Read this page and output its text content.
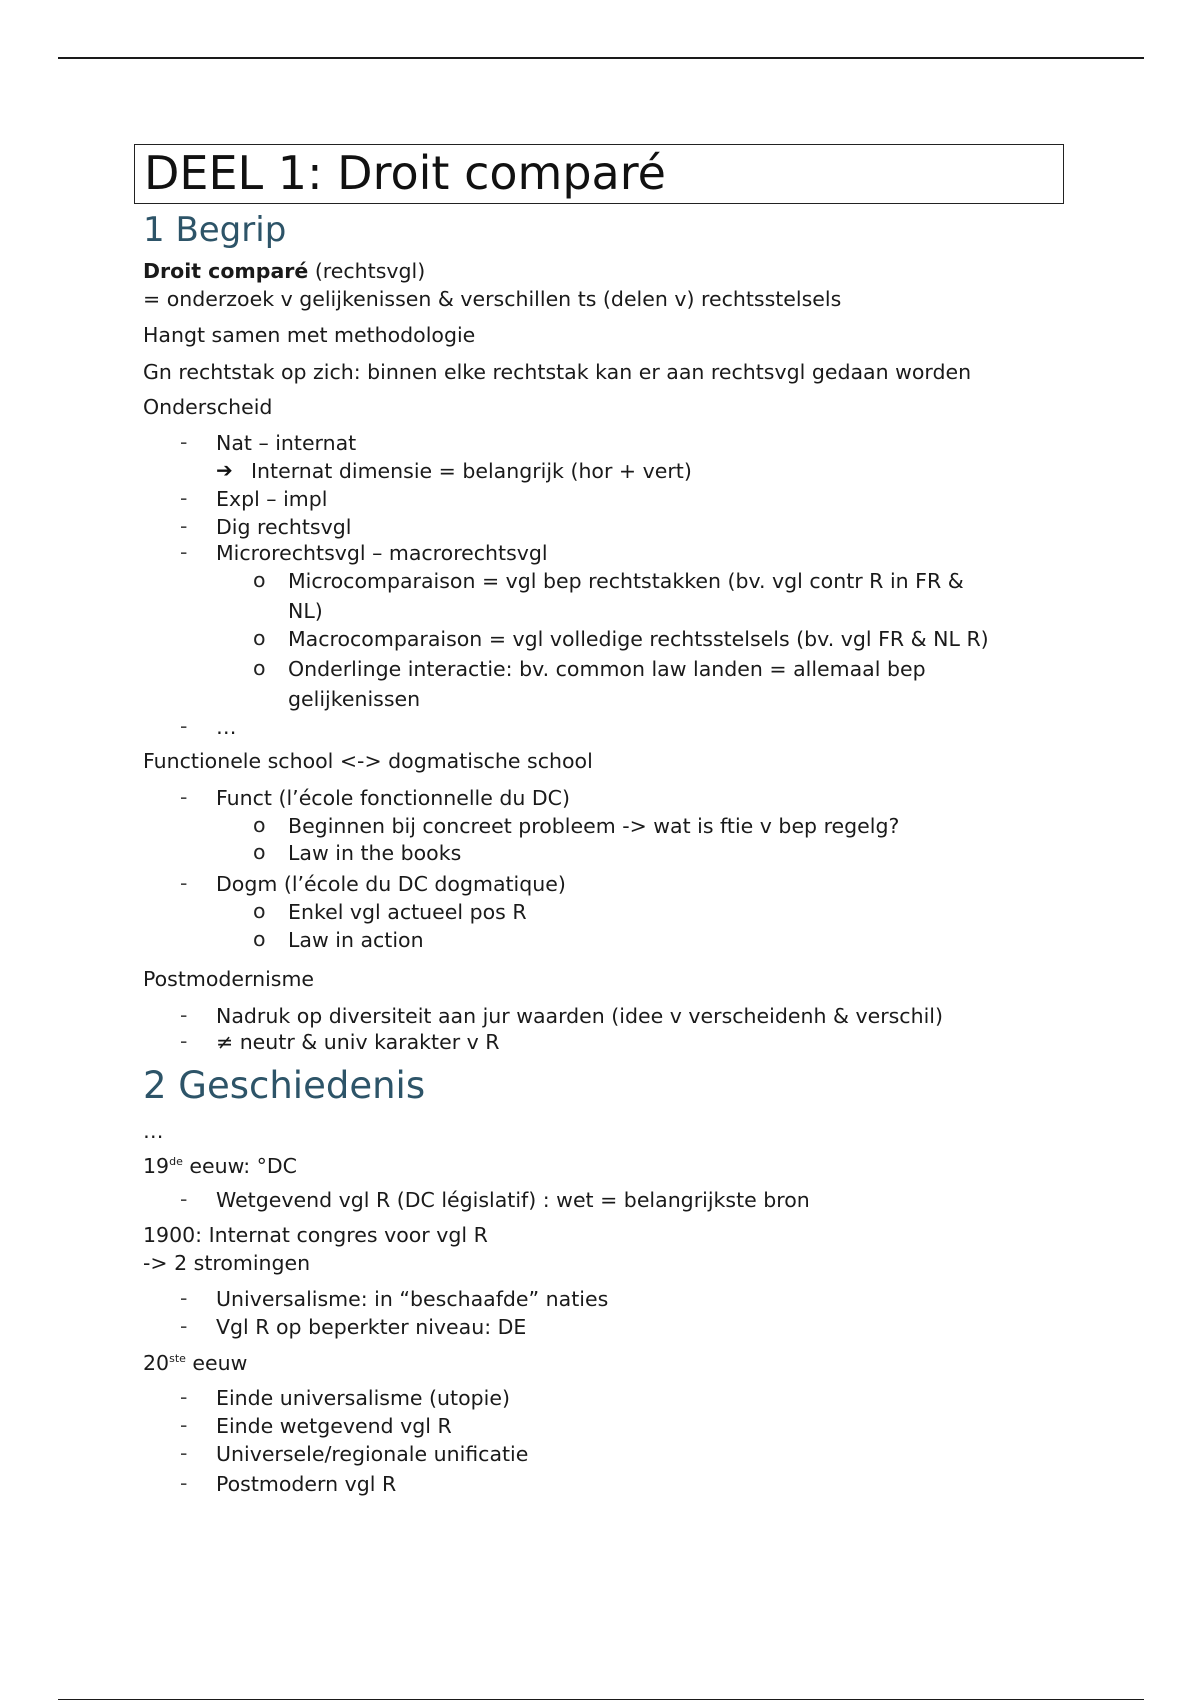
DEEL 1: Droit comparé
1 Begrip
Droit comparé (rechtsvgl)
= onderzoek v gelijkenissen & verschillen ts (delen v) rechtsstelsels
Hangt samen met methodologie
Gn rechtstak op zich: binnen elke rechtstak kan er aan rechtsvgl gedaan worden
Onderscheid
- Nat – internat
➔ Internat dimensie = belangrijk (hor + vert)
- Expl – impl
- Dig rechtsvgl
- Microrechtsvgl – macrorechtsvgl
o Microcomparaison = vgl bep rechtstakken (bv. vgl contr R in FR &
NL)
o Macrocomparaison = vgl volledige rechtsstelsels (bv. vgl FR & NL R)
o Onderlinge interactie: bv. common law landen = allemaal bep
gelijkenissen
- …
Functionele school <-> dogmatische school
- Funct (l’école fonctionnelle du DC)
o Beginnen bij concreet probleem -> wat is ftie v bep regelg?
o Law in the books
- Dogm (l’école du DC dogmatique)
o Enkel vgl actueel pos R
o Law in action
Postmodernisme
- Nadruk op diversiteit aan jur waarden (idee v verscheidenh & verschil)
- ≠ neutr & univ karakter v R
2 Geschiedenis
…
19de eeuw: °DC
- Wetgevend vgl R (DC législatif) : wet = belangrijkste bron
1900: Internat congres voor vgl R
-> 2 stromingen
- Universalisme: in “beschaafde” naties
- Vgl R op beperkter niveau: DE
20ste eeuw
- Einde universalisme (utopie)
- Einde wetgevend vgl R
- Universele/regionale unificatie
- Postmodern vgl R
